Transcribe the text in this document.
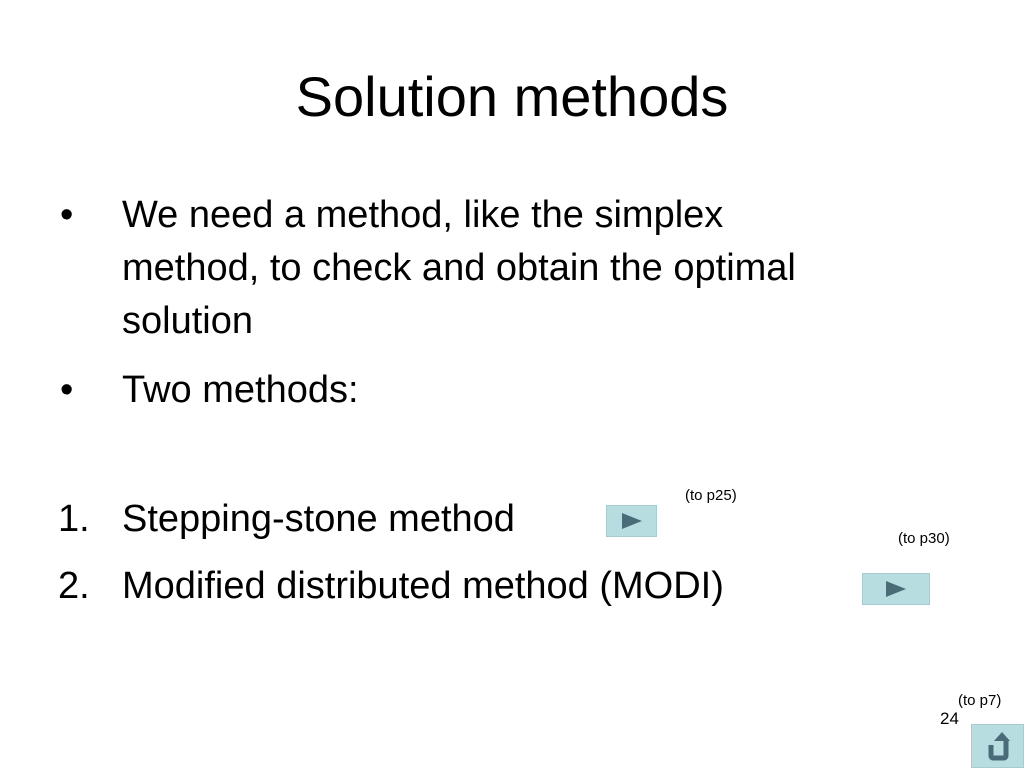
Solution methods
• We need a method, like the simplex
method, to check and obtain the optimal
solution
• Two methods:
1. Stepping-stone method
(to p25)
2. Modified distributed method (MODI)
(to p30)
24
(to p7)
